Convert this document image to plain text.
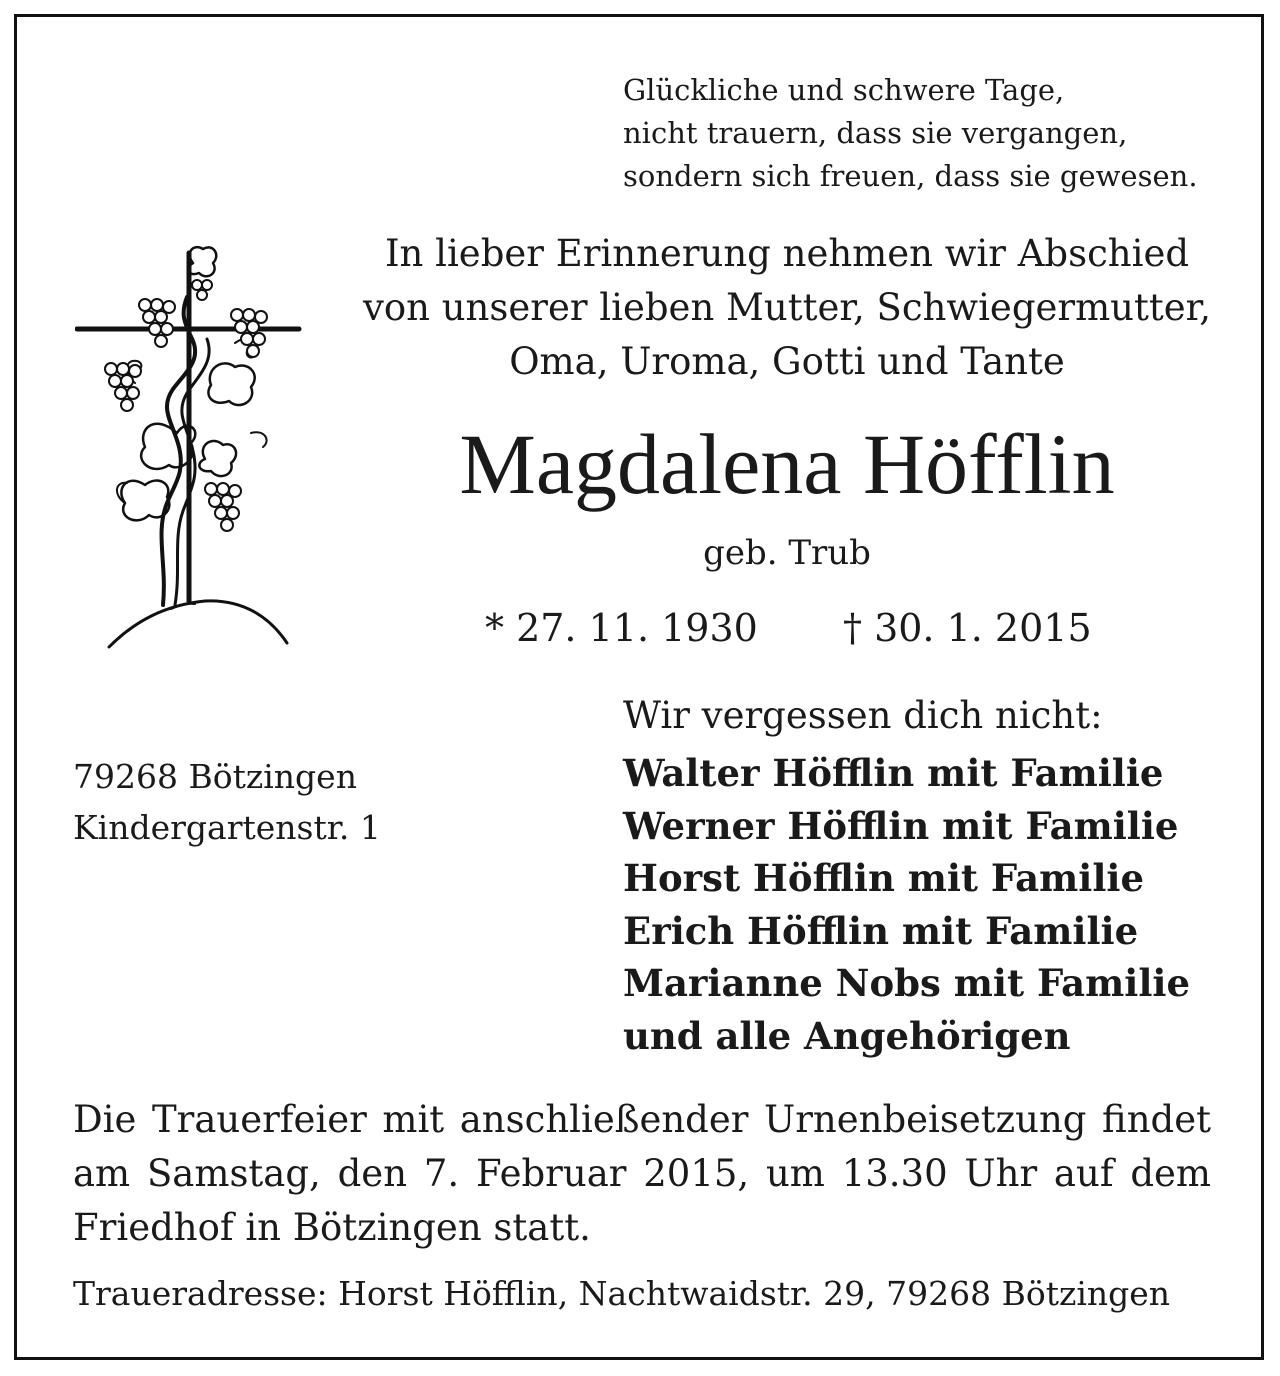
Glückliche und schwere Tage,
nicht trauern, dass sie vergangen,
sondern sich freuen, dass sie gewesen.
In lieber Erinnerung nehmen wir Abschied
von unserer lieben Mutter, Schwiegermutter,
Oma, Uroma, Gotti und Tante
Magdalena Höfflin
geb. Trub
* 27. 11. 1930 † 30. 1. 2015
Wir vergessen dich nicht:
79268 Bötzingen
Kindergartenstr. 1
Walter Höfflin mit Familie
Werner Höfflin mit Familie
Horst Höfflin mit Familie
Erich Höfflin mit Familie
Marianne Nobs mit Familie
und alle Angehörigen
Die Trauerfeier mit anschließender Urnenbeisetzung findet
am Samstag, den 7. Februar 2015, um 13.30 Uhr auf dem
Friedhof in Bötzingen statt.
Traueradresse: Horst Höfflin, Nachtwaidstr. 29, 79268 Bötzingen
